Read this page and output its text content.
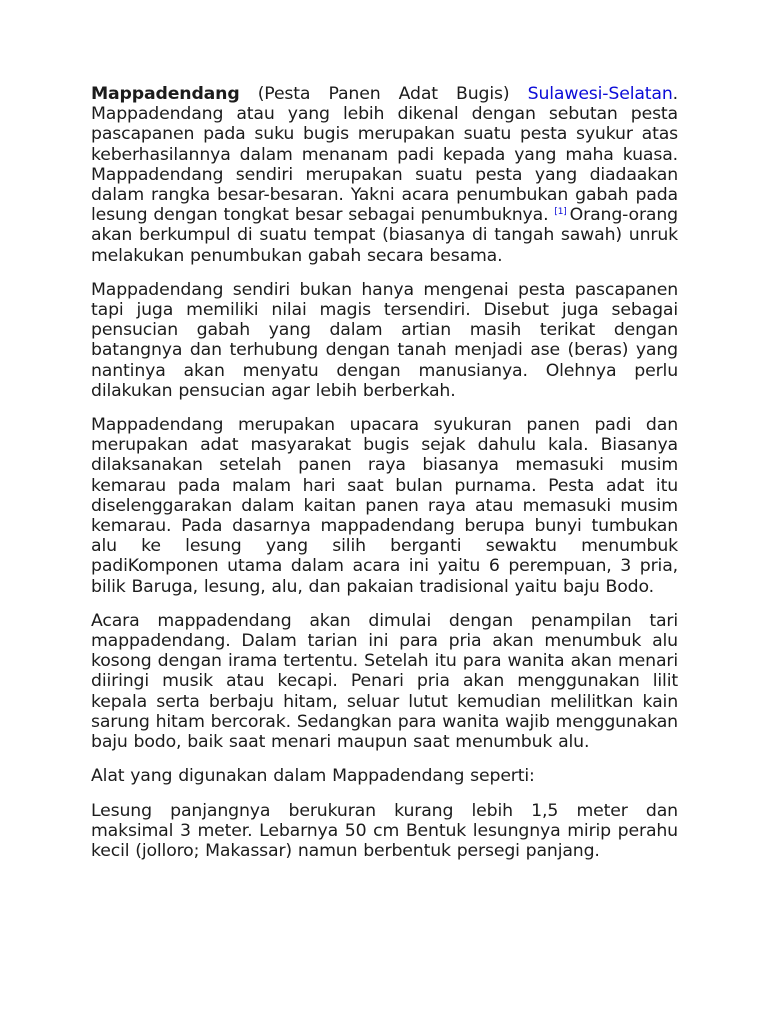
Mappadendang (Pesta Panen Adat Bugis) Sulawesi-Selatan. Mappadendang atau yang lebih dikenal dengan sebutan pesta pascapanen pada suku bugis merupakan suatu pesta syukur atas keberhasilannya dalam menanam padi kepada yang maha kuasa. Mappadendang sendiri merupakan suatu pesta yang diadaakan dalam rangka besar-besaran. Yakni acara penumbukan gabah pada lesung dengan tongkat besar sebagai penumbuknya. [1] Orang-orang akan berkumpul di suatu tempat (biasanya di tangah sawah) unruk melakukan penumbukan gabah secara besama.

Mappadendang sendiri bukan hanya mengenai pesta pascapanen tapi juga memiliki nilai magis tersendiri. Disebut juga sebagai pensucian gabah yang dalam artian masih terikat dengan batangnya dan terhubung dengan tanah menjadi ase (beras) yang nantinya akan menyatu dengan manusianya. Olehnya perlu dilakukan pensucian agar lebih berberkah.

Mappadendang merupakan upacara syukuran panen padi dan merupakan adat masyarakat bugis sejak dahulu kala. Biasanya dilaksanakan setelah panen raya biasanya memasuki musim kemarau pada malam hari saat bulan purnama. Pesta adat itu diselenggarakan dalam kaitan panen raya atau memasuki musim kemarau. Pada dasarnya mappadendang berupa bunyi tumbukan alu ke lesung yang silih berganti sewaktu menumbuk padiKomponen utama dalam acara ini yaitu 6 perempuan, 3 pria, bilik Baruga, lesung, alu, dan pakaian tradisional yaitu baju Bodo.

Acara mappadendang akan dimulai dengan penampilan tari mappadendang. Dalam tarian ini para pria akan menumbuk alu kosong dengan irama tertentu. Setelah itu para wanita akan menari diiringi musik atau kecapi. Penari pria akan menggunakan lilit kepala serta berbaju hitam, seluar lutut kemudian melilitkan kain sarung hitam bercorak. Sedangkan para wanita wajib menggunakan baju bodo, baik saat menari maupun saat menumbuk alu.

Alat yang digunakan dalam Mappadendang seperti:

Lesung panjangnya berukuran kurang lebih 1,5 meter dan maksimal 3 meter. Lebarnya 50 cm Bentuk lesungnya mirip perahu kecil (jolloro; Makassar) namun berbentuk persegi panjang.
